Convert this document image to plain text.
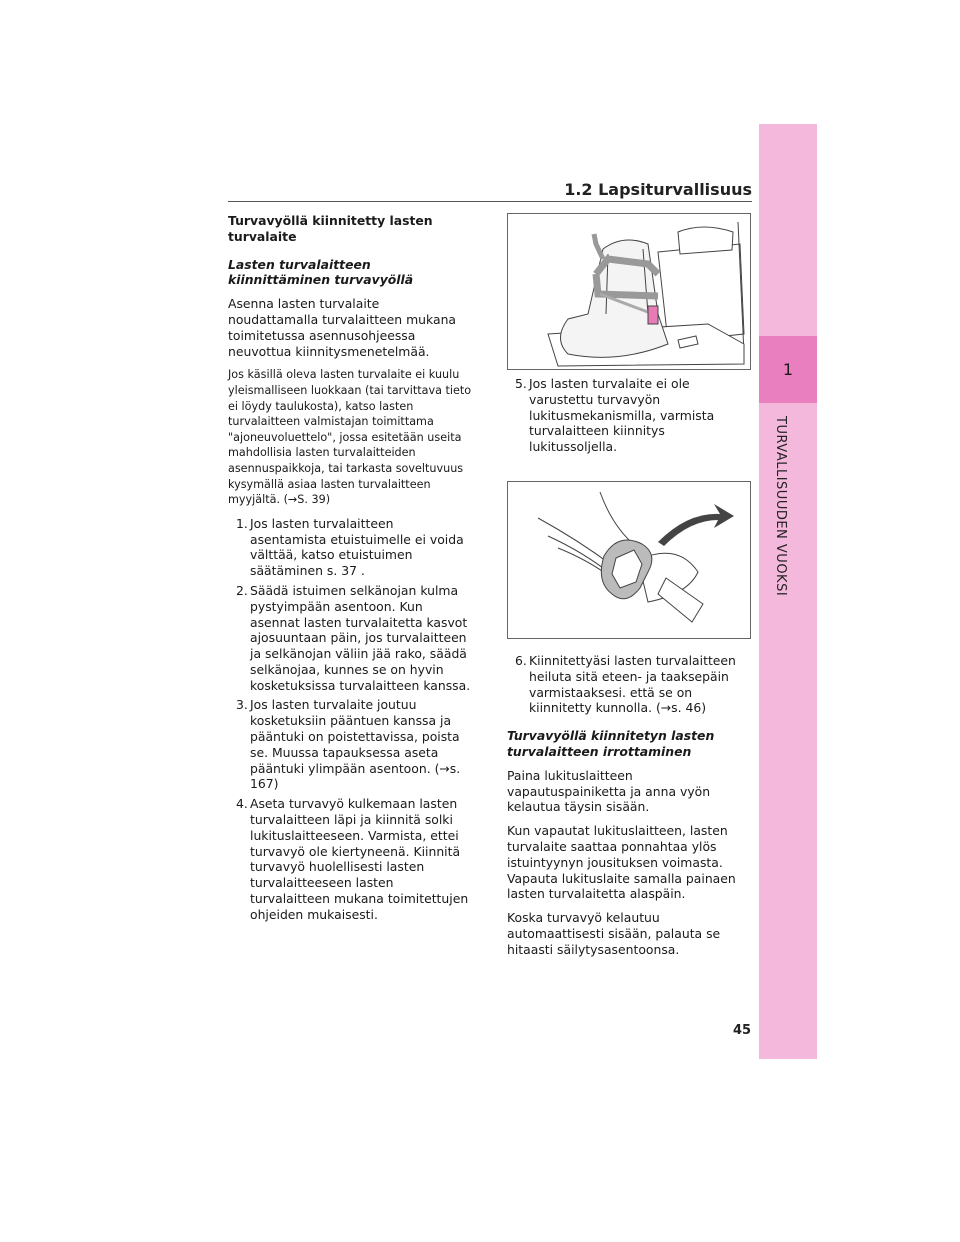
1
TURVALLISUUDEN VUOKSI
1.2 Lapsiturvallisuus

Turvavyöllä kiinnitetty lasten turvalaite

Lasten turvalaitteen kiinnittäminen turvavyöllä

Asenna lasten turvalaite noudattamalla turvalaitteen mukana toimitetussa asennusohjeessa neuvottua kiinnitysmenetelmää.

Jos käsillä oleva lasten turvalaite ei kuulu yleismalliseen luokkaan (tai tarvittava tieto ei löydy taulukosta), katso lasten turvalaitteen valmistajan toimittama "ajoneuvoluettelo", jossa esitetään useita mahdollisia lasten turvalaitteiden asennuspaikkoja, tai tarkasta soveltuvuus kysymällä asiaa lasten turvalaitteen myyjältä. (→S. 39)

1. Jos lasten turvalaitteen asentamista etuistuimelle ei voida välttää, katso etuistuimen säätäminen s. 37 .
2. Säädä istuimen selkänojan kulma pystyimpään asentoon. Kun asennat lasten turvalaitetta kasvot ajosuuntaan päin, jos turvalaitteen ja selkänojan väliin jää rako, säädä selkänojaa, kunnes se on hyvin kosketuksissa turvalaitteen kanssa.
3. Jos lasten turvalaite joutuu kosketuksiin pääntuen kanssa ja pääntuki on poistettavissa, poista se. Muussa tapauksessa aseta pääntuki ylimpään asentoon. (→s. 167)
4. Aseta turvavyö kulkemaan lasten turvalaitteen läpi ja kiinnitä solki lukituslaitteeseen. Varmista, ettei turvavyö ole kiertyneenä. Kiinnitä turvavyö huolellisesti lasten turvalaitteeseen lasten turvalaitteen mukana toimitettujen ohjeiden mukaisesti.
5. Jos lasten turvalaite ei ole varustettu turvavyön lukitusmekanismilla, varmista turvalaitteen kiinnitys lukitussoljella.
6. Kiinnitettyäsi lasten turvalaitteen heiluta sitä eteen- ja taaksepäin varmistaaksesi. että se on kiinnitetty kunnolla. (→s. 46)

Turvavyöllä kiinnitetyn lasten turvalaitteen irrottaminen

Paina lukituslaitteen vapautuspainiketta ja anna vyön kelautua täysin sisään.

Kun vapautat lukituslaitteen, lasten turvalaite saattaa ponnahtaa ylös istuintyynyn jousituksen voimasta. Vapauta lukituslaite samalla painaen lasten turvalaitetta alaspäin.

Koska turvavyö kelautuu automaattisesti sisään, palauta se hitaasti säilytysasentoonsa.

45
